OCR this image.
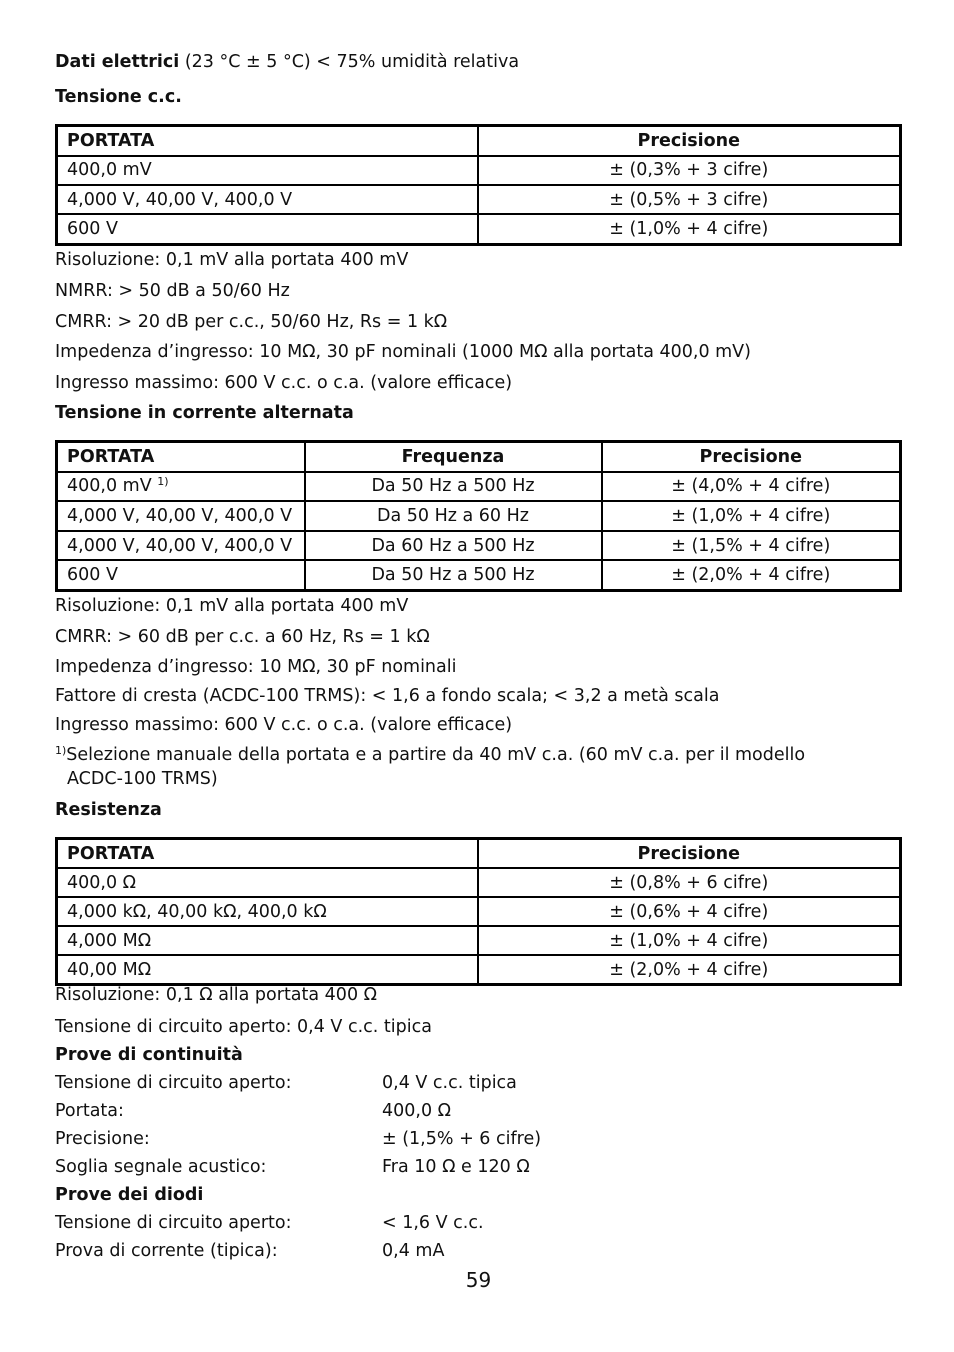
Dati elettrici (23 °C ± 5 °C) < 75% umidità relativa
Tensione c.c.
PORTATA	Precisione
400,0 mV	± (0,3% + 3 cifre)
4,000 V, 40,00 V, 400,0 V	± (0,5% + 3 cifre)
600 V	± (1,0% + 4 cifre)
Risoluzione: 0,1 mV alla portata 400 mV
NMRR: > 50 dB a 50/60 Hz
CMRR: > 20 dB per c.c., 50/60 Hz, Rs = 1 kΩ
Impedenza d’ingresso: 10 MΩ, 30 pF nominali (1000 MΩ alla portata 400,0 mV)
Ingresso massimo: 600 V c.c. o c.a. (valore efficace)
Tensione in corrente alternata
PORTATA	Frequenza	Precisione
400,0 mV $^{1)}$	Da 50 Hz a 500 Hz	± (4,0% + 4 cifre)
4,000 V, 40,00 V, 400,0 V	Da 50 Hz a 60 Hz	± (1,0% + 4 cifre)
4,000 V, 40,00 V, 400,0 V	Da 60 Hz a 500 Hz	± (1,5% + 4 cifre)
600 V	Da 50 Hz a 500 Hz	± (2,0% + 4 cifre)
Risoluzione: 0,1 mV alla portata 400 mV
CMRR: > 60 dB per c.c. a 60 Hz, Rs = 1 kΩ
Impedenza d’ingresso: 10 MΩ, 30 pF nominali
Fattore di cresta (ACDC-100 TRMS): < 1,6 a fondo scala; < 3,2 a metà scala
Ingresso massimo: 600 V c.c. o c.a. (valore efficace)
$^{1)}$Selezione manuale della portata e a partire da 40 mV c.a. (60 mV c.a. per il modello
ACDC-100 TRMS)
Resistenza
PORTATA	Precisione
400,0 Ω	± (0,8% + 6 cifre)
4,000 kΩ, 40,00 kΩ, 400,0 kΩ	± (0,6% + 4 cifre)
4,000 MΩ	± (1,0% + 4 cifre)
40,00 MΩ	± (2,0% + 4 cifre)
Risoluzione: 0,1 Ω alla portata 400 Ω
Tensione di circuito aperto: 0,4 V c.c. tipica
Prove di continuità
Tensione di circuito aperto:	0,4 V c.c. tipica
Portata:	400,0 Ω
Precisione:	± (1,5% + 6 cifre)
Soglia segnale acustico:	Fra 10 Ω e 120 Ω
Prove dei diodi
Tensione di circuito aperto:	< 1,6 V c.c.
Prova di corrente (tipica):	0,4 mA
59
